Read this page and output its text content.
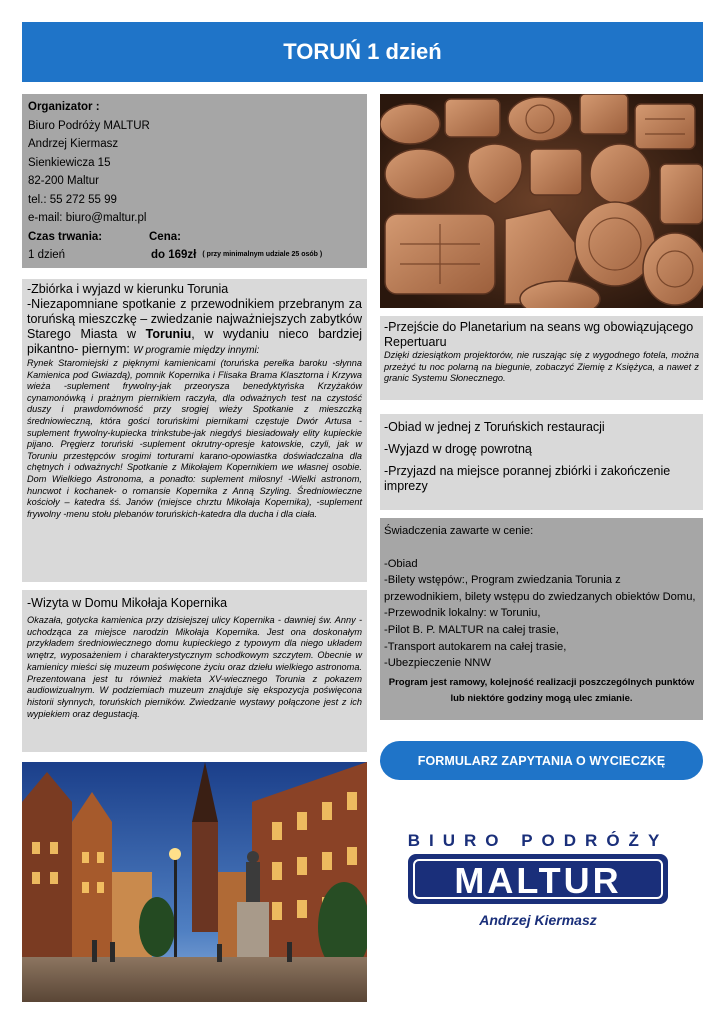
TORUŃ 1 dzień
Organizator :
Biuro Podróży MALTUR
Andrzej Kiermasz
Sienkiewicza 15
82-200 Maltur
tel.: 55 272 55 99
e-mail: biuro@maltur.pl
Czas trwania:	Cena:
1 dzień	do 169zł ( przy minimalnym udziale 25 osób )
-Zbiórka i wyjazd w kierunku Torunia
-Niezapomniane spotkanie z przewodnikiem przebranym za toruńską mieszczkę – zwiedzanie najważniejszych zabytków Starego Miasta w Toruniu, w wydaniu nieco bardziej pikantno- piernym: W programie między innymi:
Rynek Staromiejski z pięknymi kamienicami (toruńska perełka baroku -słynna Kamienica pod Gwiazdą), pomnik Kopernika i Flisaka Brama Klasztorna i Krzywa wieża -suplement frywolny-jak przeorysza benedyktyńska Krzyżaków cynamonówką i prażnym piernikiem raczyła, dla odważnych test na czystość duszy i prawdomówność przy srogiej wieży Spotkanie z mieszczką średniowieczną, która gości toruńskimi piernikami częstuje Dwór Artusa - suplement frywolny-kupiecka trinkstube-jak niegdyś biesiadowały elity kupieckie pijano. Pręgierz toruński -suplement okrutny-opresje katowskie, czyli, jak w Toruniu przestępców srogimi torturami karano-opowiastka doświadczalna dla chętnych i odważnych! Spotkanie z Mikołajem Kopernikiem we własnej osobie. Dom Wielkiego Astronoma, a ponadto: suplement miłosny! -Wielki astronom, huncwot i kochanek- o romansie Kopernika z Anną Szyling. Średniowieczne kościoły – katedra śś. Janów (miejsce chrztu Mikołaja Kopernika), -suplement frywolny -menu stołu plebanów toruńskich-katedra dla ducha i dla ciała.
-Przejście do Planetarium na seans wg obowiązującego Repertuaru
Dzięki dziesiątkom projektorów, nie ruszając się z wygodnego fotela, można przeżyć tu noc polarną na biegunie, zobaczyć Ziemię z Księżyca, a nawet z granic Systemu Słonecznego.

-Obiad w jednej z Toruńskich restauracji

-Wyjazd w drogę powrotną

-Przyjazd na miejsce porannej zbiórki i zakończenie imprezy

Świadczenia zawarte w cenie:
-Obiad
-Bilety wstępów:, Program zwiedzania Torunia z przewodnikiem, bilety wstępu do zwiedzanych obiektów Domu,
-Przewodnik lokalny: w Toruniu,
-Pilot B. P. MALTUR na całej trasie,
-Transport autokarem na całej trasie,
-Ubezpieczenie NNW
Program jest ramowy, kolejność realizacji poszczególnych punktów lub niektóre godziny mogą ulec zmianie.
-Wizyta w Domu Mikołaja Kopernika
Okazała, gotycka kamienica przy dzisiejszej ulicy Kopernika - dawniej św. Anny - uchodząca za miejsce narodzin Mikołaja Kopernika. Jest ona doskonałym przykładem średniowiecznego domu kupieckiego z typowym dla niego układem wnętrz, wyposażeniem i charakterystycznym schodkowym szczytem. Obecnie w kamienicy mieści się muzeum poświęcone życiu oraz dziełu wielkiego astronoma. Prezentowana jest tu również makieta XV-wiecznego Torunia z pokazem audiowizualnym. W podziemiach muzeum znajduje się ekspozycja poświęcona historii słynnych, toruńskich pierników. Zwiedzanie wystawy połączone jest z ich wypiekiem oraz degustacją.
FORMULARZ ZAPYTANIA O WYCIECZKĘ
BIURO PODRÓŻY
MALTUR
Andrzej Kiermasz
